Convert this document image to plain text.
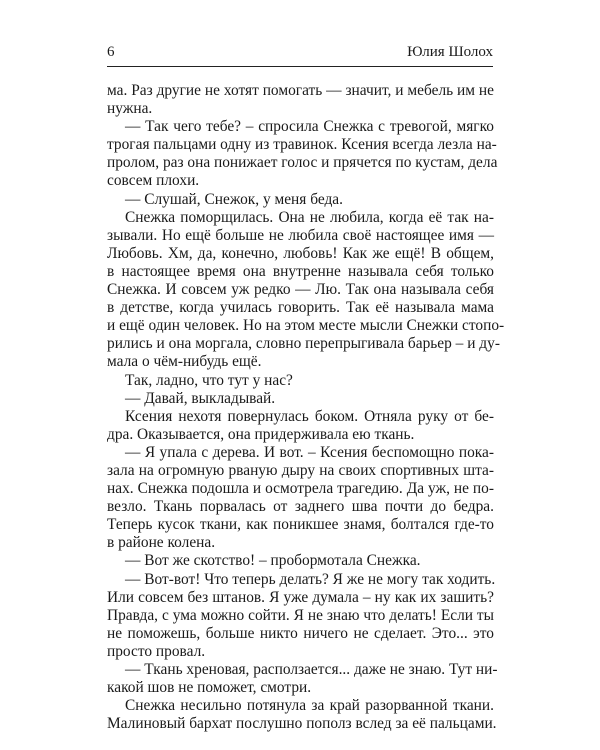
6	Юлия Шолох
ма. Раз другие не хотят помогать — значит, и мебель им не
нужна.
— Так чего тебе? – спросила Снежка с тревогой, мягко
трогая пальцами одну из травинок. Ксения всегда лезла на-
пролом, раз она понижает голос и прячется по кустам, дела
совсем плохи.
— Слушай, Снежок, у меня беда.
Снежка поморщилась. Она не любила, когда её так на-
зывали. Но ещё больше не любила своё настоящее имя —
Любовь. Хм, да, конечно, любовь! Как же ещё! В общем,
в настоящее время она внутренне называла себя только
Снежка. И совсем уж редко — Лю. Так она называла себя
в детстве, когда училась говорить. Так её называла мама
и ещё один человек. Но на этом месте мысли Снежки стопо-
рились и она моргала, словно перепрыгивала барьер – и ду-
мала о чём-нибудь ещё.
Так, ладно, что тут у нас?
— Давай, выкладывай.
Ксения нехотя повернулась боком. Отняла руку от бе-
дра. Оказывается, она придерживала ею ткань.
— Я упала с дерева. И вот. – Ксения беспомощно пока-
зала на огромную рваную дыру на своих спортивных шта-
нах. Снежка подошла и осмотрела трагедию. Да уж, не по-
везло. Ткань порвалась от заднего шва почти до бедра.
Теперь кусок ткани, как поникшее знамя, болтался где-то
в районе колена.
— Вот же скотство! – пробормотала Снежка.
— Вот-вот! Что теперь делать? Я же не могу так ходить.
Или совсем без штанов. Я уже думала – ну как их зашить?
Правда, с ума можно сойти. Я не знаю что делать! Если ты
не поможешь, больше никто ничего не сделает. Это... это
просто провал.
— Ткань хреновая, расползается... даже не знаю. Тут ни-
какой шов не поможет, смотри.
Снежка несильно потянула за край разорванной ткани.
Малиновый бархат послушно пополз вслед за её пальцами.
